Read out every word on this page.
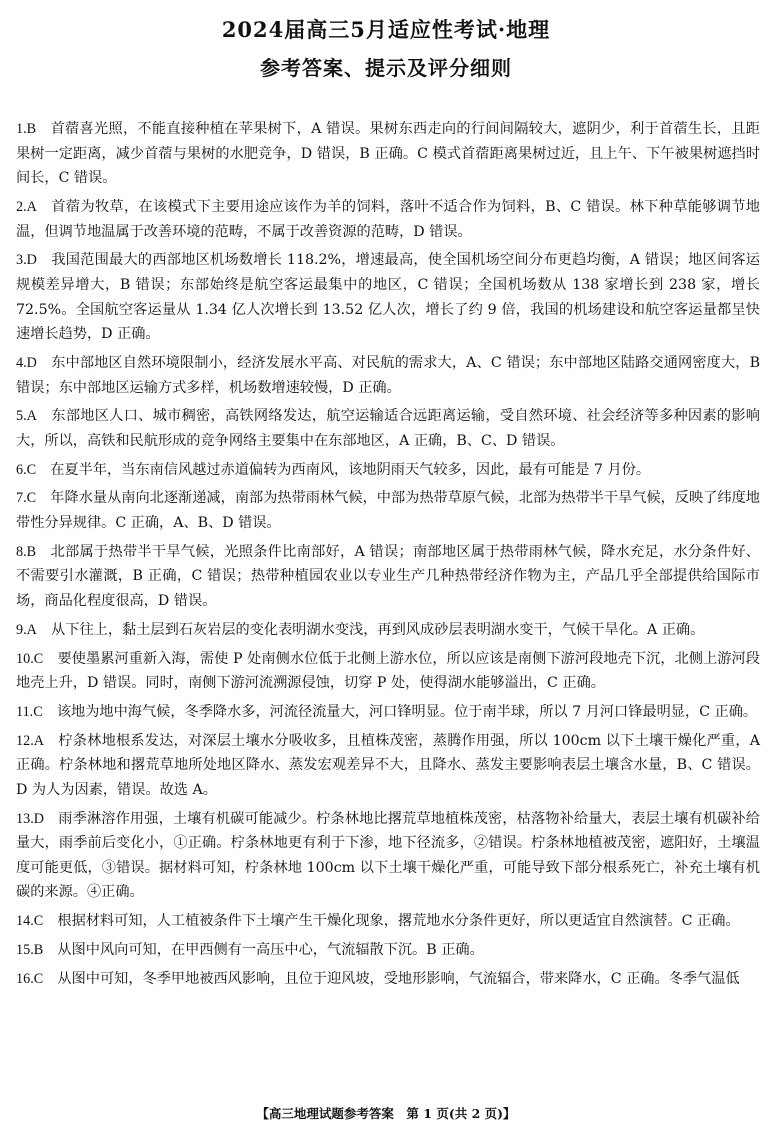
2024届高三5月适应性考试·地理
参考答案、提示及评分细则

1.B  首蓿喜光照，不能直接种植在苹果树下，A 错误。果树东西走向的行间间隔较大，遮阴少，利于首蓿生长，且距果树一定距离，减少首蓿与果树的水肥竞争，D 错误，B 正确。C 模式首蓿距离果树过近，且上午、下午被果树遮挡时间长，C 错误。

2.A  首蓿为牧草，在该模式下主要用途应该作为羊的饲料，落叶不适合作为饲料，B、C 错误。林下种草能够调节地温，但调节地温属于改善环境的范畴，不属于改善资源的范畴，D 错误。

3.D  我国范围最大的西部地区机场数增长 118.2%，增速最高，使全国机场空间分布更趋均衡，A 错误；地区间客运规模差异增大，B 错误；东部始终是航空客运最集中的地区，C 错误；全国机场数从 138 家增长到 238 家，增长 72.5%。全国航空客运量从 1.34 亿人次增长到 13.52 亿人次，增长了约 9 倍，我国的机场建设和航空客运量都呈快速增长趋势，D 正确。

4.D  东中部地区自然环境限制小，经济发展水平高、对民航的需求大，A、C 错误；东中部地区陆路交通网密度大，B 错误；东中部地区运输方式多样，机场数增速较慢，D 正确。

5.A  东部地区人口、城市稠密，高铁网络发达，航空运输适合远距离运输，受自然环境、社会经济等多种因素的影响大，所以，高铁和民航形成的竞争网络主要集中在东部地区，A 正确，B、C、D 错误。

6.C  在夏半年，当东南信风越过赤道偏转为西南风，该地阴雨天气较多，因此，最有可能是 7 月份。

7.C  年降水量从南向北逐渐递减，南部为热带雨林气候，中部为热带草原气候，北部为热带半干旱气候，反映了纬度地带性分异规律。C 正确，A、B、D 错误。

8.B  北部属于热带半干旱气候，光照条件比南部好，A 错误；南部地区属于热带雨林气候，降水充足，水分条件好、不需要引水灌溉，B 正确，C 错误；热带种植园农业以专业生产几种热带经济作物为主，产品几乎全部提供给国际市场，商品化程度很高，D 错误。

9.A  从下往上，黏土层到石灰岩层的变化表明湖水变浅，再到风成砂层表明湖水变干，气候干旱化。A 正确。

10.C  要使墨累河重新入海，需使 P 处南侧水位低于北侧上游水位，所以应该是南侧下游河段地壳下沉，北侧上游河段地壳上升，D 错误。同时，南侧下游河流溯源侵蚀，切穿 P 处，使得湖水能够溢出，C 正确。

11.C  该地为地中海气候，冬季降水多，河流径流量大，河口锋明显。位于南半球，所以 7 月河口锋最明显，C 正确。

12.A  柠条林地根系发达，对深层土壤水分吸收多，且植株茂密，蒸腾作用强，所以 100cm 以下土壤干燥化严重，A 正确。柠条林地和撂荒草地所处地区降水、蒸发宏观差异不大，且降水、蒸发主要影响表层土壤含水量，B、C 错误。D 为人为因素，错误。故选 A。

13.D  雨季淋溶作用强，土壤有机碳可能减少。柠条林地比撂荒草地植株茂密，枯落物补给量大，表层土壤有机碳补给量大，雨季前后变化小，①正确。柠条林地更有利于下渗，地下径流多，②错误。柠条林地植被茂密，遮阳好，土壤温度可能更低，③错误。据材料可知，柠条林地 100cm 以下土壤干燥化严重，可能导致下部分根系死亡，补充土壤有机碳的来源。④正确。

14.C  根据材料可知，人工植被条件下土壤产生干燥化现象，撂荒地水分条件更好，所以更适宜自然演替。C 正确。

15.B  从图中风向可知，在甲西侧有一高压中心，气流辐散下沉。B 正确。

16.C  从图中可知，冬季甲地被西风影响，且位于迎风坡，受地形影响，气流辐合，带来降水，C 正确。冬季气温低

【高三地理试题参考答案　第 1 页(共 2 页)】
